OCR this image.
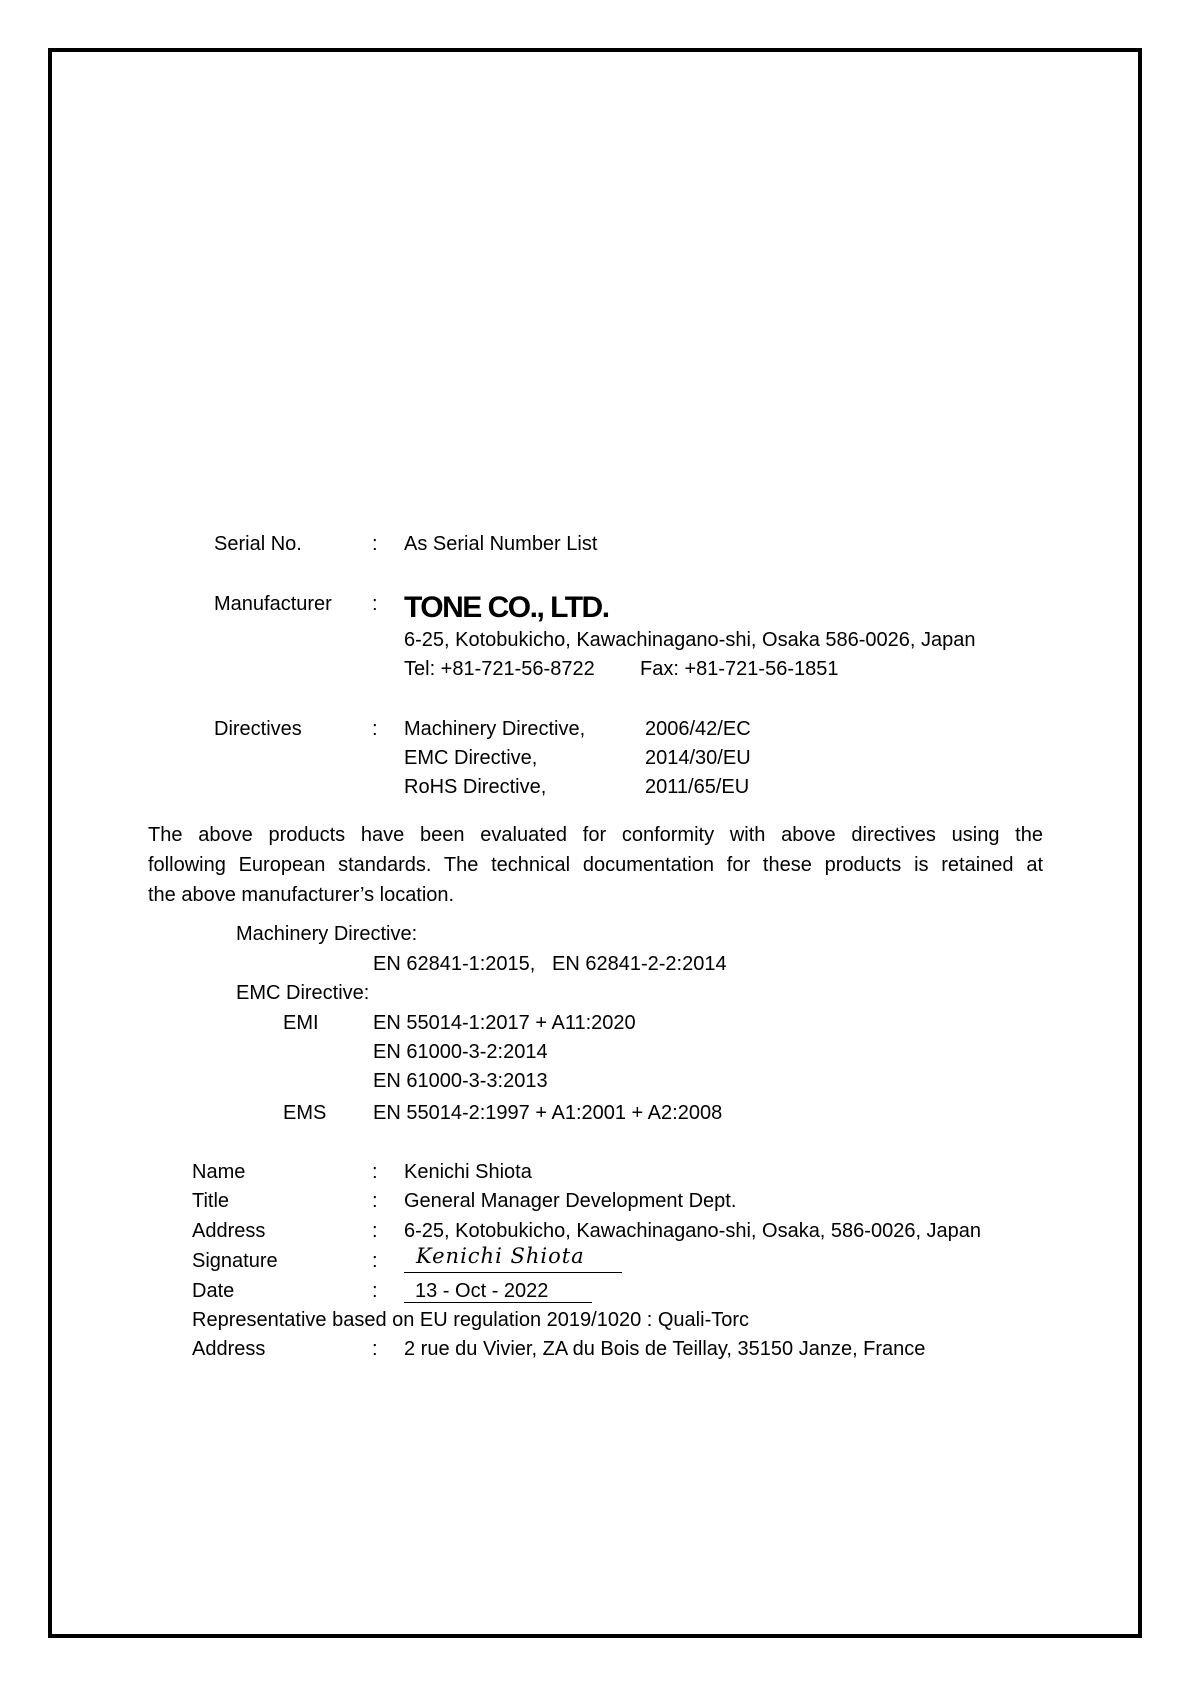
Serial No.	: As Serial Number List
Manufacturer : TONE CO., LTD.
6-25, Kotobukicho, Kawachinagano-shi, Osaka 586-0026, Japan
Tel: +81-721-56-8722 Fax: +81-721-56-1851
Directives	: Machinery Directive,	2006/42/EC
EMC Directive,	2014/30/EU
RoHS Directive,	2011/65/EU
The above products have been evaluated for conformity with above directives using the
following European standards. The technical documentation for these products is retained at
the above manufacturer’s location.
Machinery Directive:
EN 62841-1:2015,   EN 62841-2-2:2014
EMC Directive:
EMI	EN 55014-1:2017 + A11:2020
EN 61000-3-2:2014
EN 61000-3-3:2013
EMS EN 55014-2:1997 + A1:2001 + A2:2008
Name	: Kenichi Shiota
Title	: General Manager Development Dept.
Address	: 6-25, Kotobukicho, Kawachinagano-shi, Osaka, 586-0026, Japan
Signature	: Kenichi Shiota
Date	: 13 - Oct - 2022
Representative based on EU regulation 2019/1020 : Quali-Torc
Address	: 2 rue du Vivier, ZA du Bois de Teillay, 35150 Janze, France
